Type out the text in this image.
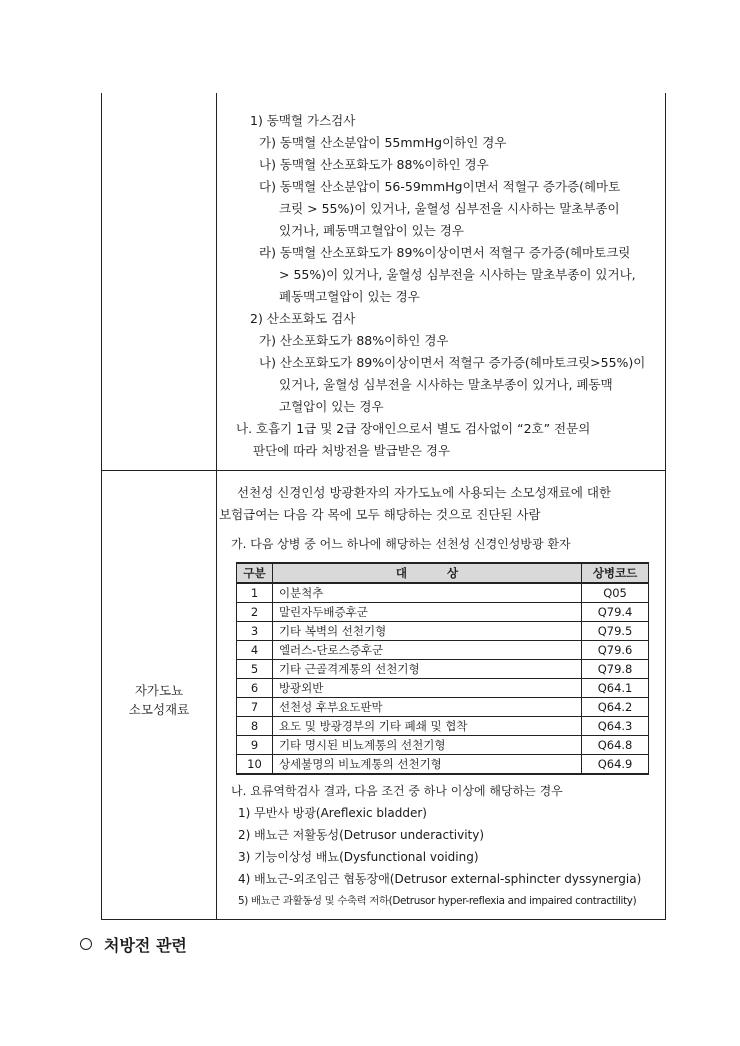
1) 동맥혈 가스검사
가) 동맥혈 산소분압이 55mmHg이하인 경우
나) 동맥혈 산소포화도가 88%이하인 경우
다) 동맥혈 산소분압이 56-59mmHg이면서 적혈구 증가증(헤마토
크릿 > 55%)이 있거나, 울혈성 심부전을 시사하는 말초부종이
있거나, 폐동맥고혈압이 있는 경우
라) 동맥혈 산소포화도가 89%이상이면서 적혈구 증가증(헤마토크릿
> 55%)이 있거나, 울혈성 심부전을 시사하는 말초부종이 있거나,
폐동맥고혈압이 있는 경우
2) 산소포화도 검사
가) 산소포화도가 88%이하인 경우
나) 산소포화도가 89%이상이면서 적혈구 증가증(헤마토크릿>55%)이
있거나, 울혈성 심부전을 시사하는 말초부종이 있거나, 폐동맥
고혈압이 있는 경우
나. 호흡기 1급 및 2급 장애인으로서 별도 검사없이 “2호” 전문의
판단에 따라 처방전을 발급받은 경우
자가도뇨
소모성재료
선천성 신경인성 방광환자의 자가도뇨에 사용되는 소모성재료에 대한
보험급여는 다음 각 목에 모두 해당하는 것으로 진단된 사람
가. 다음 상병 중 어느 하나에 해당하는 선천성 신경인성방광 환자
구분	대          상	상병코드
1	이분척추	Q05
2	말린자두배증후군	Q79.4
3	기타 복벽의 선천기형	Q79.5
4	엘러스-단로스증후군	Q79.6
5	기타 근골격계통의 선천기형	Q79.8
6	방광외반	Q64.1
7	선천성 후부요도판막	Q64.2
8	요도 및 방광경부의 기타 폐쇄 및 협착	Q64.3
9	기타 명시된 비뇨계통의 선천기형	Q64.8
10	상세불명의 비뇨계통의 선천기형	Q64.9
나. 요류역학검사 결과, 다음 조건 중 하나 이상에 해당하는 경우
1) 무반사 방광(Areflexic bladder)
2) 배뇨근 저활동성(Detrusor underactivity)
3) 기능이상성 배뇨(Dysfunctional voiding)
4) 배뇨근-외조임근 협동장애(Detrusor external-sphincter dyssynergia)
5) 배뇨근 과활동성 및 수축력 저하(Detrusor hyper-reflexia and impaired contractility)
처방전 관련
